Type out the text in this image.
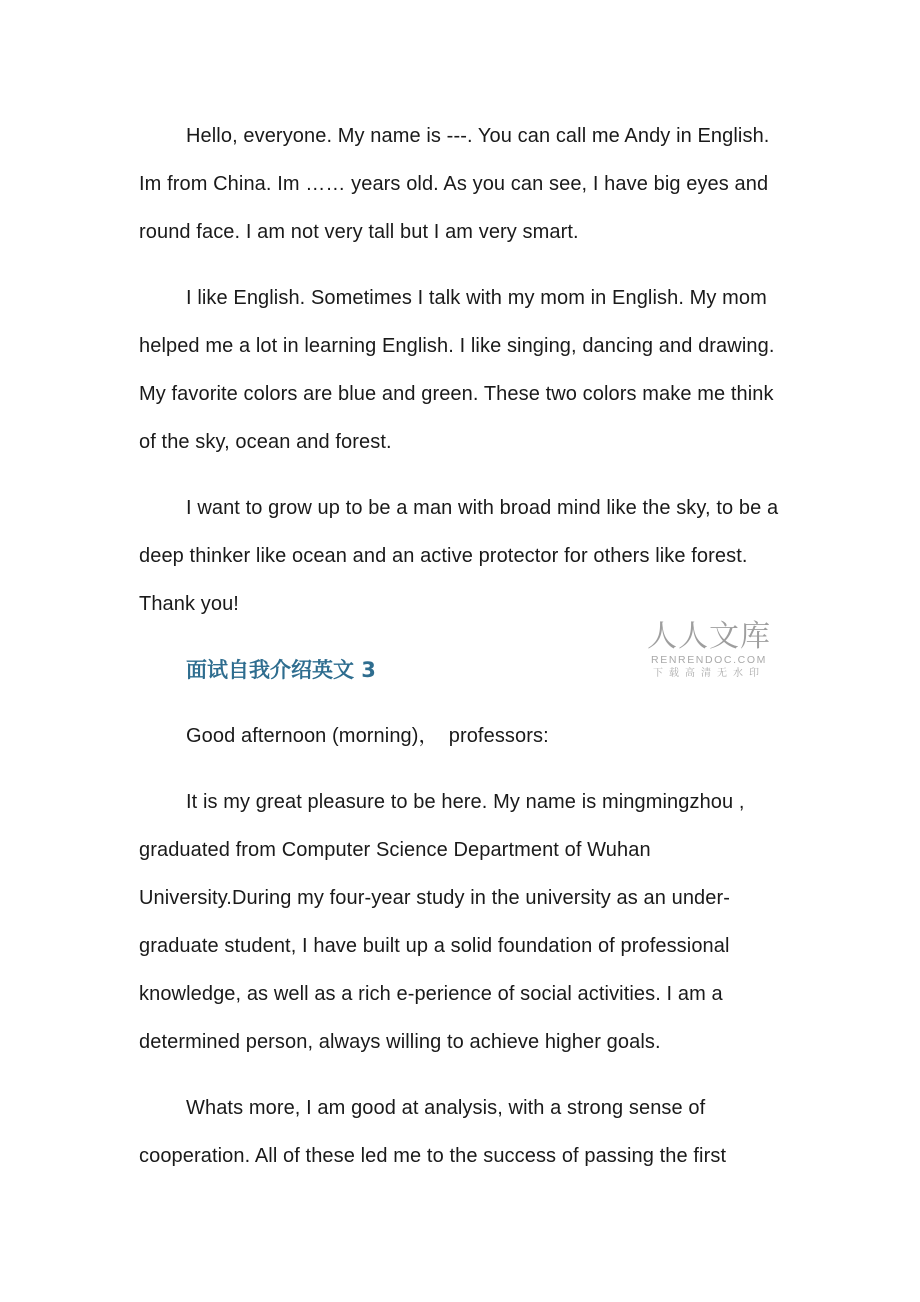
Hello, everyone. My name is ---. You can call me Andy in English. Im from China. Im …… years old. As you can see, I have big eyes and round face. I am not very tall but I am very smart.

I like English. Sometimes I talk with my mom in English. My mom helped me a lot in learning English. I like singing, dancing and drawing. My favorite colors are blue and green. These two colors make me think of the sky, ocean and forest.

I want to grow up to be a man with broad mind like the sky, to be a deep thinker like ocean and an active protector for others like forest. Thank you!

人人文库
RENRENDOC.COM
下载高清无水印
面试自我介绍英文 3

Good afternoon (morning)，　professors:

It is my great pleasure to be here. My name is mingmingzhou , graduated from Computer Science Department of Wuhan University.During my four-year study in the university as an under-graduate student, I have built up a solid foundation of professional knowledge, as well as a rich e-perience of social activities. I am a determined person, always willing to achieve higher goals.

Whats more, I am good at analysis, with a strong sense of cooperation. All of these led me to the success of passing the first
